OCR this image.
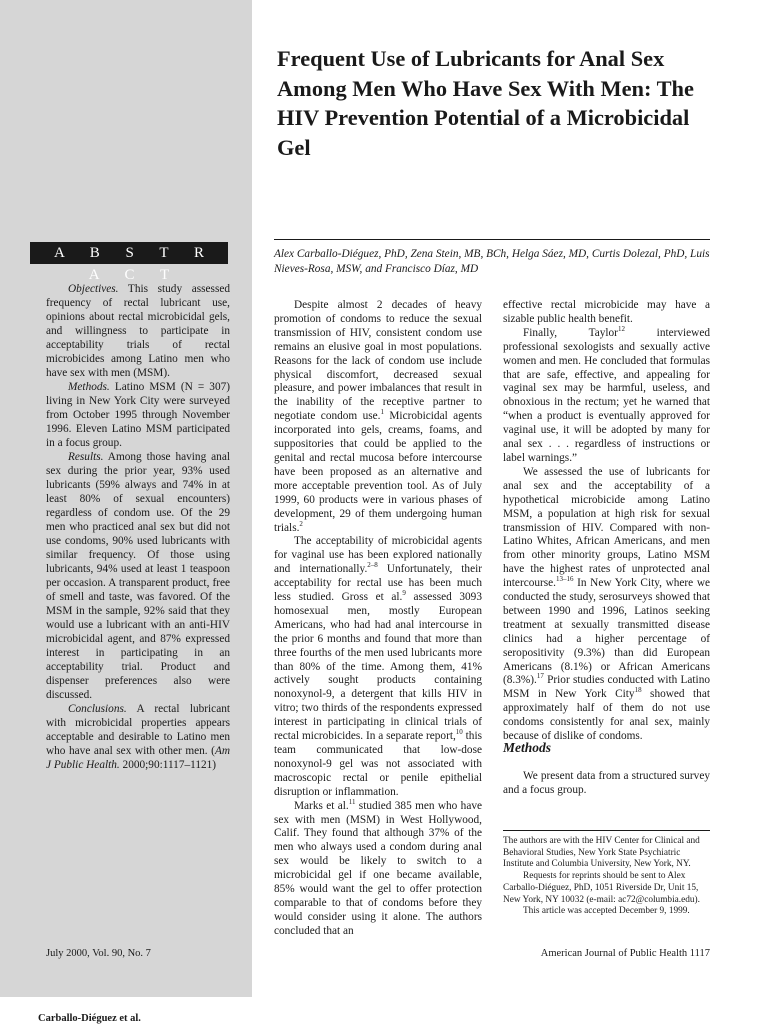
Frequent Use of Lubricants for Anal Sex Among Men Who Have Sex With Men: The HIV Prevention Potential of a Microbicidal Gel
A B S T R A C T

Objectives. This study assessed frequency of rectal lubricant use, opinions about rectal microbicidal gels, and willingness to participate in acceptability trials of rectal microbicides among Latino men who have sex with men (MSM).

Methods. Latino MSM (N = 307) living in New York City were surveyed from October 1995 through November 1996. Eleven Latino MSM participated in a focus group.

Results. Among those having anal sex during the prior year, 93% used lubricants (59% always and 74% in at least 80% of sexual encounters) regardless of condom use. Of the 29 men who practiced anal sex but did not use condoms, 90% used lubricants with similar frequency. Of those using lubricants, 94% used at least 1 teaspoon per occasion. A transparent product, free of smell and taste, was favored. Of the MSM in the sample, 92% said that they would use a lubricant with an anti-HIV microbicidal agent, and 87% expressed interest in participating in an acceptability trial. Product and dispenser preferences also were discussed.

Conclusions. A rectal lubricant with microbicidal properties appears acceptable and desirable to Latino men who have anal sex with other men. (Am J Public Health. 2000;90:1117–1121)

Alex Carballo-Diéguez, PhD, Zena Stein, MB, BCh, Helga Sáez, MD, Curtis Dolezal, PhD, Luis Nieves-Rosa, MSW, and Francisco Díaz, MD

Despite almost 2 decades of heavy promotion of condoms to reduce the sexual transmission of HIV, consistent condom use remains an elusive goal in most populations. Reasons for the lack of condom use include physical discomfort, decreased sexual pleasure, and power imbalances that result in the inability of the receptive partner to negotiate condom use.$^1$ Microbicidal agents incorporated into gels, creams, foams, and suppositories that could be applied to the genital and rectal mucosa before intercourse have been proposed as an alternative and more acceptable prevention tool. As of July 1999, 60 products were in various phases of development, 29 of them undergoing human trials.$^2$

The acceptability of microbicidal agents for vaginal use has been explored nationally and internationally.$^{2-8}$ Unfortunately, their acceptability for rectal use has been much less studied. Gross et al.$^9$ assessed 3093 homosexual men, mostly European Americans, who had had anal intercourse in the prior 6 months and found that more than three fourths of the men used lubricants more than 80% of the time. Among them, 41% actively sought products containing nonoxynol-9, a detergent that kills HIV in vitro; two thirds of the respondents expressed interest in participating in clinical trials of rectal microbicides. In a separate report,$^{10}$ this team communicated that low-dose nonoxynol-9 gel was not associated with macroscopic rectal or penile epithelial disruption or inflammation.

Marks et al.$^{11}$ studied 385 men who have sex with men (MSM) in West Hollywood, Calif. They found that although 37% of the men who always used a condom during anal sex would be likely to switch to a microbicidal gel if one became available, 85% would want the gel to offer protection comparable to that of condoms before they would consider using it alone. The authors concluded that an

effective rectal microbicide may have a sizable public health benefit.

Finally, Taylor$^{12}$ interviewed professional sexologists and sexually active women and men. He concluded that formulas that are safe, effective, and appealing for vaginal sex may be harmful, useless, and obnoxious in the rectum; yet he warned that “when a product is eventually approved for vaginal use, it will be adopted by many for anal sex . . . regardless of instructions or label warnings.”

We assessed the use of lubricants for anal sex and the acceptability of a hypothetical microbicide among Latino MSM, a population at high risk for sexual transmission of HIV. Compared with non-Latino Whites, African Americans, and men from other minority groups, Latino MSM have the highest rates of unprotected anal intercourse.$^{13-16}$ In New York City, where we conducted the study, serosurveys showed that between 1990 and 1996, Latinos seeking treatment at sexually transmitted disease clinics had a higher percentage of seropositivity (9.3%) than did European Americans (8.1%) or African Americans (8.3%).$^{17}$ Prior studies conducted with Latino MSM in New York City$^{18}$ showed that approximately half of them do not use condoms consistently for anal sex, mainly because of dislike of condoms.

Methods

We present data from a structured survey and a focus group.

The authors are with the HIV Center for Clinical and Behavioral Studies, New York State Psychiatric Institute and Columbia University, New York, NY.

Requests for reprints should be sent to Alex Carballo-Diéguez, PhD, 1051 Riverside Dr, Unit 15, New York, NY 10032 (e-mail: ac72@columbia.edu).

This article was accepted December 9, 1999.

July 2000, Vol. 90, No. 7	American Journal of Public Health 1117
Carballo-Diéguez et al.
